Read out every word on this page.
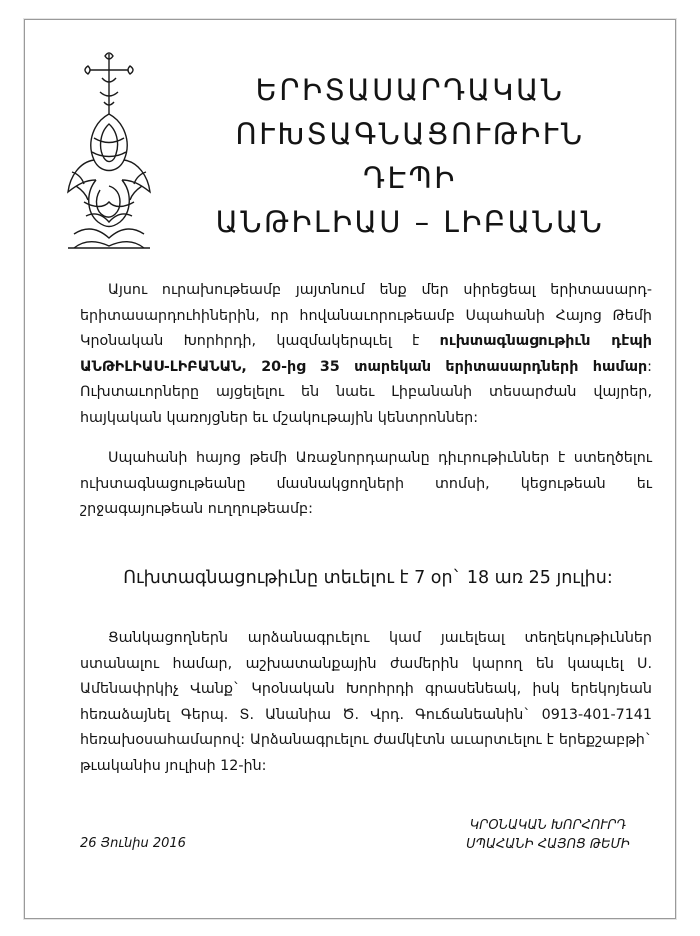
ԵՐԻՏԱՍԱՐԴԱԿԱՆ
ՈՒԽՏԱԳՆԱՑՈՒԹԻՒՆ
ԴԷՊԻ
ԱՆԹԻԼԻԱՍ – ԼԻԲԱՆԱՆ

Այսու ուրախութեամբ յայտնում ենք մեր սիրեցեալ երիտասարդ-երիտասարդուհիներին, որ հովանաւորութեամբ Սպահանի Հայոց Թեմի Կրօնական Խորհրդի, կազմակերպւել է ուխտագնացութիւն դէպի ԱՆԹԻԼԻԱՍ-ԼԻԲԱՆԱՆ, 20-ից 35 տարեկան երիտասարդների համար: Ուխտաւորները այցելելու են նաեւ Լիբանանի տեսարժան վայրեր, հայկական կառոյցներ եւ մշակութային կենտրոններ:

Սպահանի հայոց թեմի Առաջնորդարանը դիւրութիւններ է ստեղծելու ուխտագնացութեանը մասնակցողների տոմսի, կեցութեան եւ շրջագայութեան ուղղութեամբ:

Ուխտագնացութիւնը տեւելու է 7 օր` 18 առ 25 յուլիս:

Ցանկացողներն արձանագրւելու կամ յաւելեալ տեղեկութիւններ ստանալու համար, աշխատանքային ժամերին կարող են կապւել Ս. Ամենափրկիչ Վանք` Կրօնական Խորհրդի գրասենեակ, իսկ երեկոյեան հեռաձայնել Գերպ. Տ. Անանիա Ծ. Վրդ. Գուճանեանին` 0913-401-7141 հեռախօսահամարով: Արձանագրւելու ժամկէտն աւարտւելու է երեքշաբթի` թւականիս յուլիսի 12-ին:

26 Յունիս 2016
ԿՐՕՆԱԿԱՆ ԽՈՐՀՈՒՐԴ
ՍՊԱՀԱՆԻ ՀԱՅՈՑ ԹԵՄԻ
